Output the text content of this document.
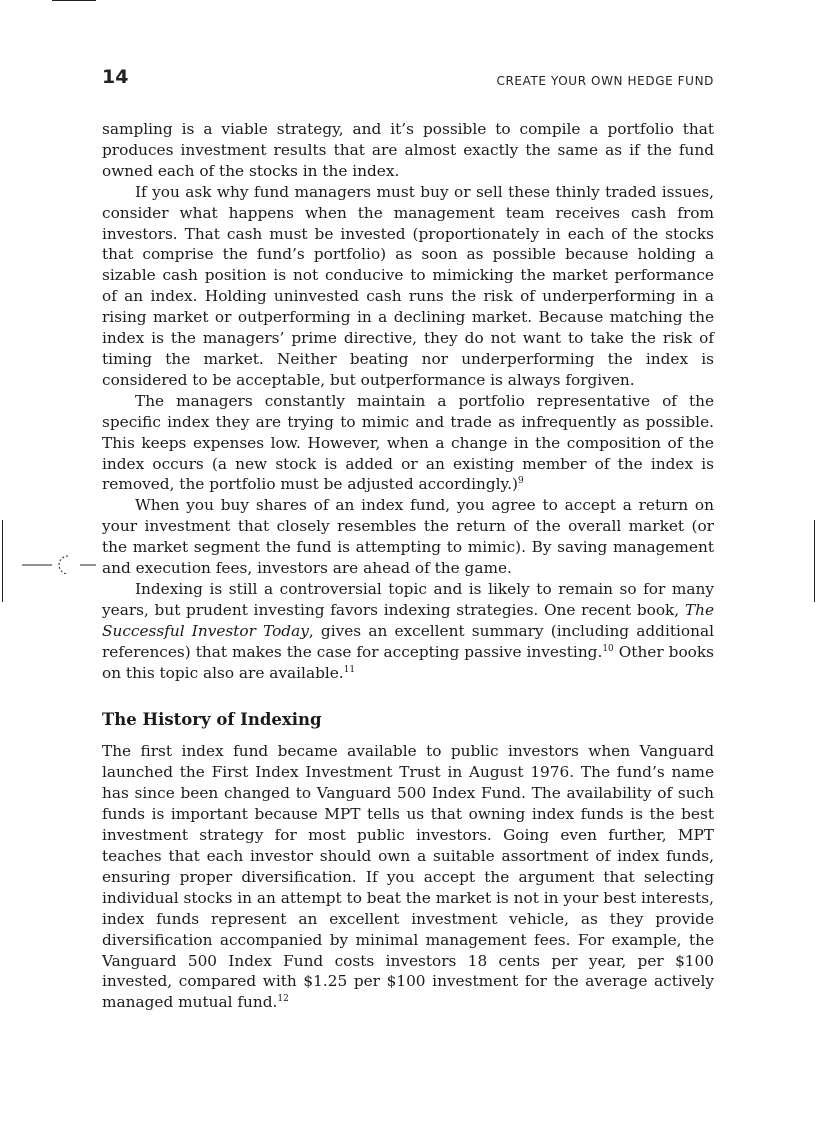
14	CREATE YOUR OWN HEDGE FUND

sampling is a viable strategy, and it’s possible to compile a portfolio that produces investment results that are almost exactly the same as if the fund owned each of the stocks in the index.

If you ask why fund managers must buy or sell these thinly traded issues, consider what happens when the management team receives cash from investors. That cash must be invested (proportionately in each of the stocks that comprise the fund’s portfolio) as soon as possible because holding a sizable cash position is not conducive to mimicking the market performance of an index. Holding uninvested cash runs the risk of underperforming in a rising market or outperforming in a declining market. Because matching the index is the managers’ prime directive, they do not want to take the risk of timing the market. Neither beating nor underperforming the index is considered to be acceptable, but outperformance is always forgiven.

The managers constantly maintain a portfolio representative of the specific index they are trying to mimic and trade as infrequently as possible. This keeps expenses low. However, when a change in the composition of the index occurs (a new stock is added or an existing member of the index is removed, the portfolio must be adjusted accordingly.)$^9$

When you buy shares of an index fund, you agree to accept a return on your investment that closely resembles the return of the overall market (or the market segment the fund is attempting to mimic). By saving management and execution fees, investors are ahead of the game.

Indexing is still a controversial topic and is likely to remain so for many years, but prudent investing favors indexing strategies. One recent book, The Successful Investor Today, gives an excellent summary (including additional references) that makes the case for accepting passive investing.$^{10}$ Other books on this topic also are available.$^{11}$

The History of Indexing

The first index fund became available to public investors when Vanguard launched the First Index Investment Trust in August 1976. The fund’s name has since been changed to Vanguard 500 Index Fund. The availability of such funds is important because MPT tells us that owning index funds is the best investment strategy for most public investors. Going even further, MPT teaches that each investor should own a suitable assortment of index funds, ensuring proper diversification. If you accept the argument that selecting individual stocks in an attempt to beat the market is not in your best interests, index funds represent an excellent investment vehicle, as they provide diversification accompanied by minimal management fees. For example, the Vanguard 500 Index Fund costs investors 18 cents per year, per $100 invested, compared with $1.25 per $100 investment for the average actively managed mutual fund.$^{12}$
